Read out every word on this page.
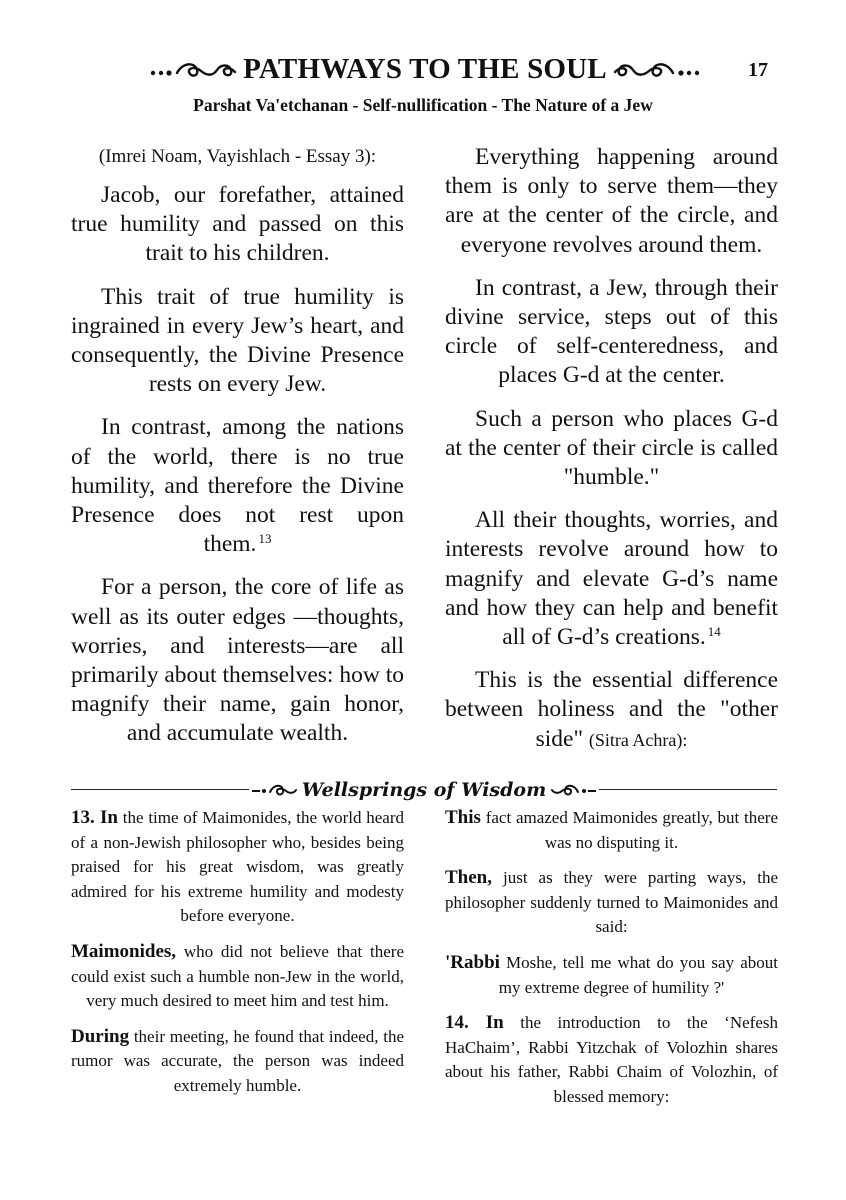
PATHWAYS TO THE SOUL	17
Parshat Va'etchanan - Self-nullification - The Nature of a Jew

(Imrei Noam, Vayishlach - Essay 3):

Jacob, our forefather, attained true humility and passed on this trait to his children.

This trait of true humility is ingrained in every Jew’s heart, and consequently, the Divine Presence rests on every Jew.

In contrast, among the nations of the world, there is no true humility, and therefore the Divine Presence does not rest upon them. $^{13}$

For a person, the core of life as well as its outer edges —thoughts, worries, and interests—are all primarily about themselves: how to magnify their name, gain honor, and accumulate wealth.

Everything happening around them is only to serve them—they are at the center of the circle, and everyone revolves around them.

In contrast, a Jew, through their divine service, steps out of this circle of self-centeredness, and places G-d at the center.

Such a person who places G-d at the center of their circle is called "humble."

All their thoughts, worries, and interests revolve around how to magnify and elevate G-d’s name and how they can help and benefit all of G-d’s creations. $^{14}$

This is the essential difference between holiness and the "other side" (Sitra Achra):

Wellsprings of Wisdom

13. In the time of Maimonides, the world heard of a non-Jewish philosopher who, besides being praised for his great wisdom, was greatly admired for his extreme humility and modesty before everyone.

Maimonides, who did not believe that there could exist such a humble non-Jew in the world, very much desired to meet him and test him.

During their meeting, he found that indeed, the rumor was accurate, the person was indeed extremely humble.

This fact amazed Maimonides greatly, but there was no disputing it.

Then, just as they were parting ways, the philosopher suddenly turned to Maimonides and said:

'Rabbi Moshe, tell me what do you say about my extreme degree of humility ?'

14. In the introduction to the ‘Nefesh HaChaim’, Rabbi Yitzchak of Volozhin shares about his father, Rabbi Chaim of Volozhin, of blessed memory:
